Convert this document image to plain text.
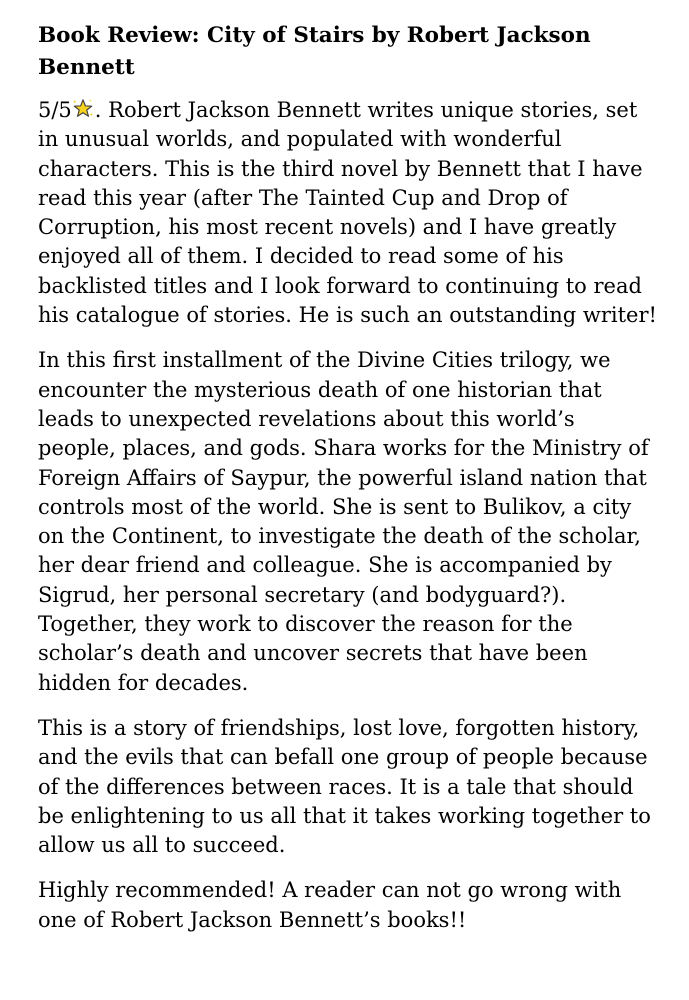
Book Review: City of Stairs by Robert Jackson Bennett

5/5 . Robert Jackson Bennett writes unique stories, set in unusual worlds, and populated with wonderful characters. This is the third novel by Bennett that I have read this year (after The Tainted Cup and Drop of Corruption, his most recent novels) and I have greatly enjoyed all of them. I decided to read some of his backlisted titles and I look forward to continuing to read his catalogue of stories. He is such an outstanding writer!

In this first installment of the Divine Cities trilogy, we encounter the mysterious death of one historian that leads to unexpected revelations about this world’s people, places, and gods. Shara works for the Ministry of Foreign Affairs of Saypur, the powerful island nation that controls most of the world. She is sent to Bulikov, a city on the Continent, to investigate the death of the scholar, her dear friend and colleague. She is accompanied by Sigrud, her personal secretary (and bodyguard?). Together, they work to discover the reason for the scholar’s death and uncover secrets that have been hidden for decades.

This is a story of friendships, lost love, forgotten history, and the evils that can befall one group of people because of the differences between races. It is a tale that should be enlightening to us all that it takes working together to allow us all to succeed.

Highly recommended! A reader can not go wrong with one of Robert Jackson Bennett’s books!!
